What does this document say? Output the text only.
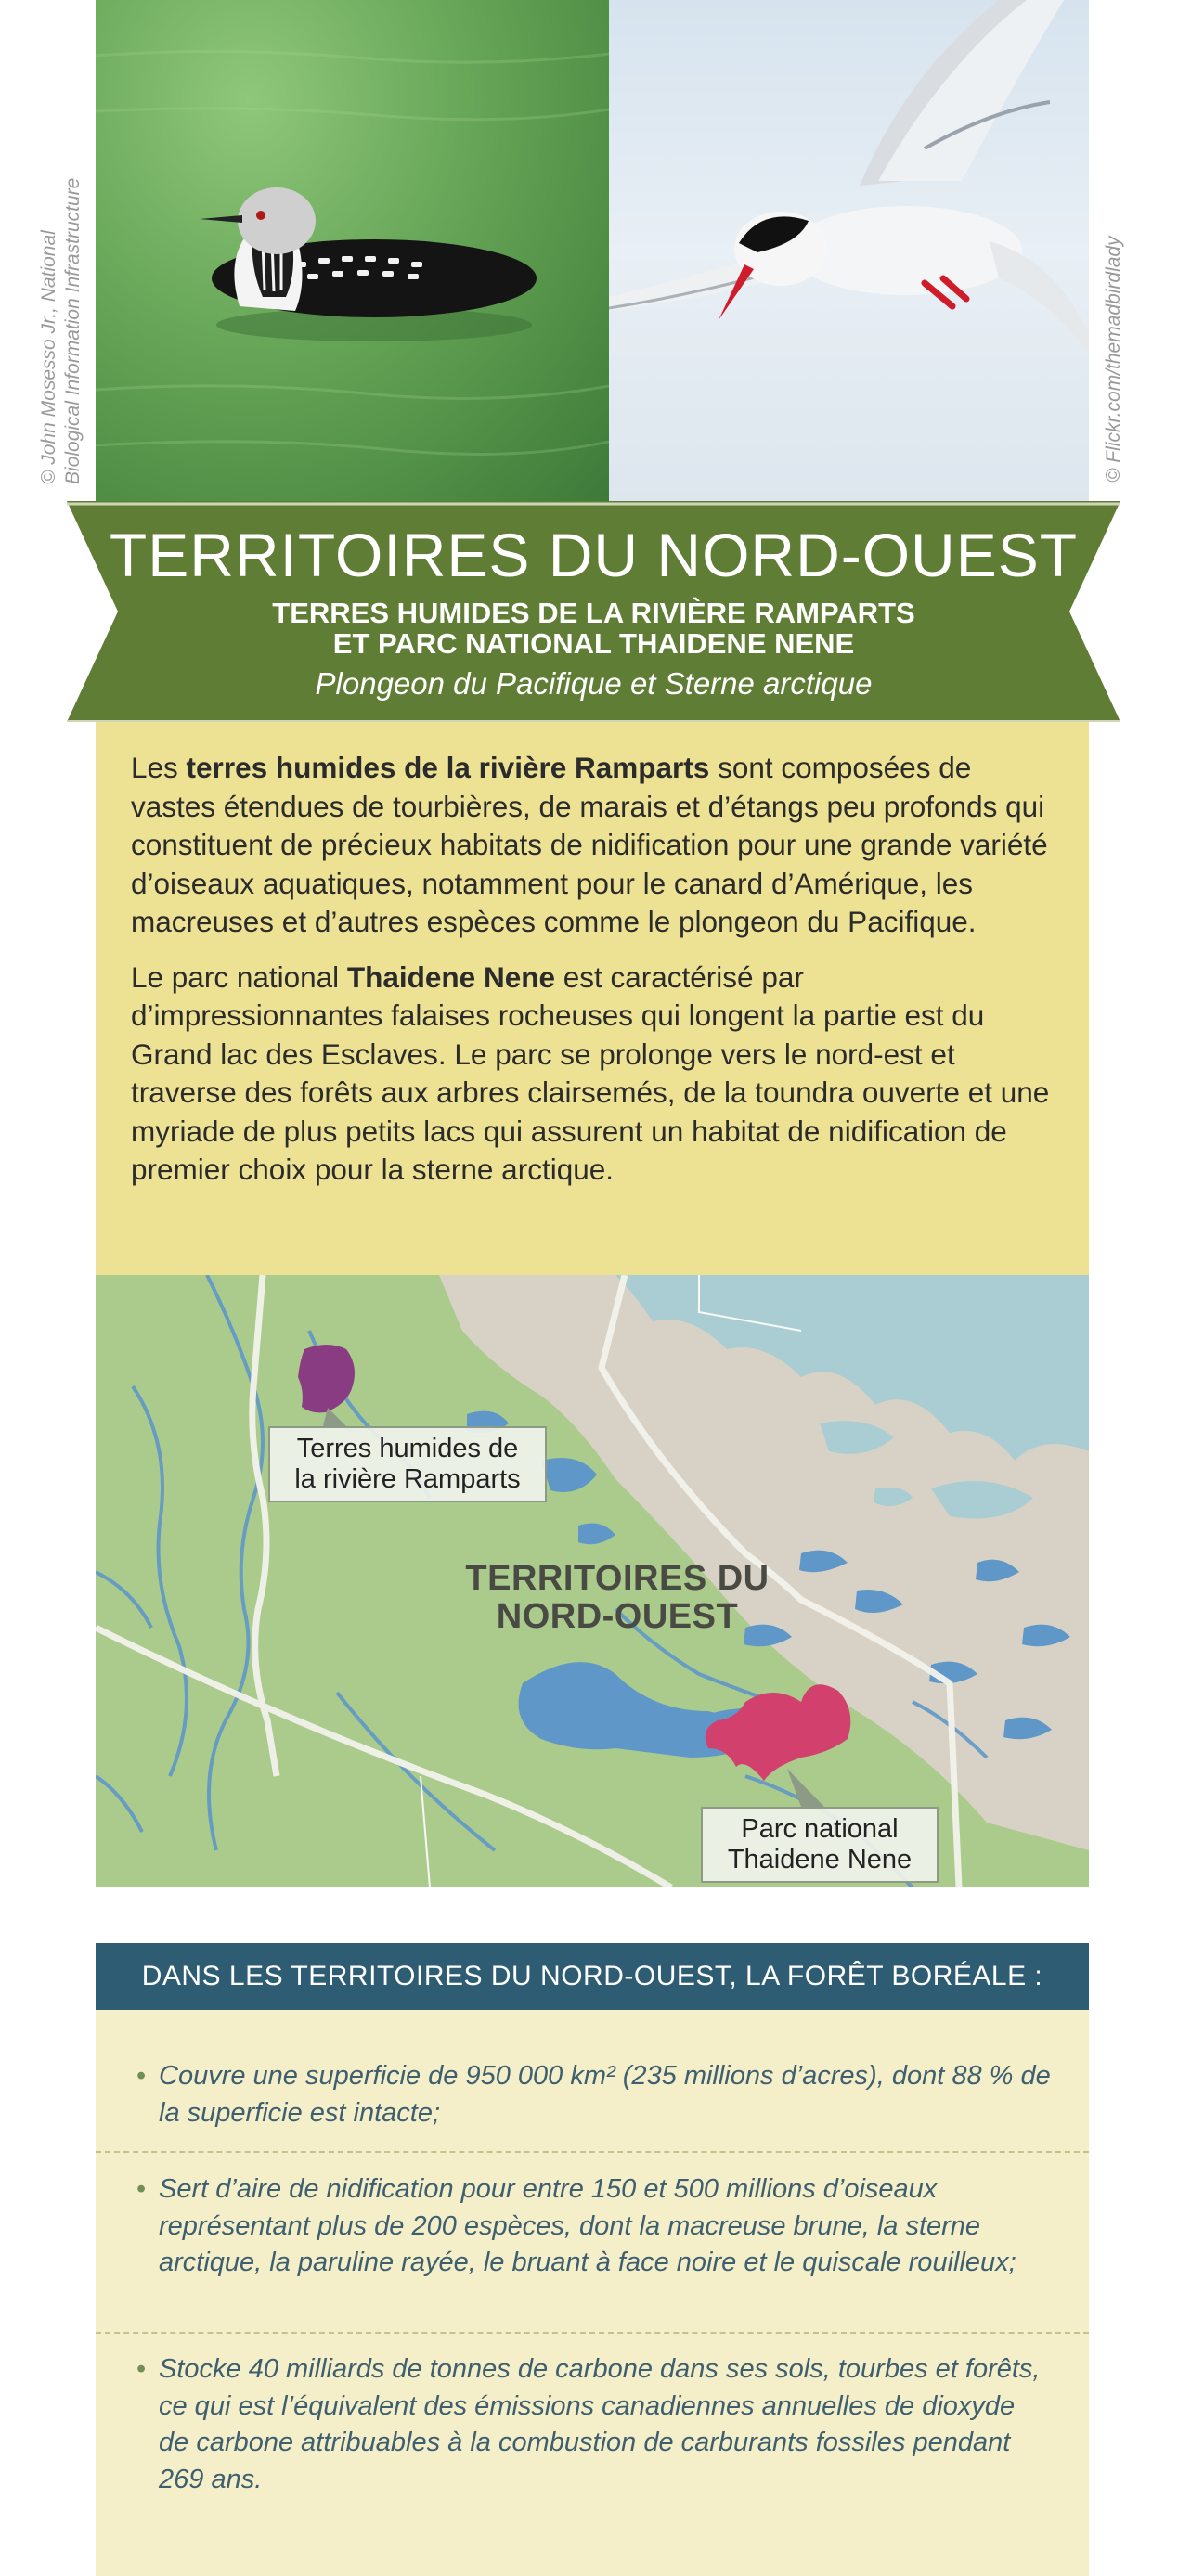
© John Mosesso Jr., National Biological Information Infrastructure	© Flickr.com/themadbirdlady
TERRITOIRES DU NORD-OUEST
TERRES HUMIDES DE LA RIVIÈRE RAMPARTS
ET PARC NATIONAL THAIDENE NENE
Plongeon du Pacifique et Sterne arctique

Les terres humides de la rivière Ramparts sont composées de vastes étendues de tourbières, de marais et d’étangs peu profonds qui constituent de précieux habitats de nidification pour une grande variété d’oiseaux aquatiques, notamment pour le canard d’Amérique, les macreuses et d’autres espèces comme le plongeon du Pacifique.

Le parc national Thaidene Nene est caractérisé par d’impressionnantes falaises rocheuses qui longent la partie est du Grand lac des Esclaves. Le parc se prolonge vers le nord-est et traverse des forêts aux arbres clairsemés, de la toundra ouverte et une myriade de plus petits lacs qui assurent un habitat de nidification de premier choix pour la sterne arctique.

Terres humides de
la rivière Ramparts
TERRITOIRES DU
NORD-OUEST
Parc national
Thaidene Nene
DANS LES TERRITOIRES DU NORD-OUEST, LA FORÊT BORÉALE :
• Couvre une superficie de 950 000 km² (235 millions d’acres), dont 88 % de la superficie est intacte;
• Sert d’aire de nidification pour entre 150 et 500 millions d’oiseaux représentant plus de 200 espèces, dont la macreuse brune, la sterne arctique, la paruline rayée, le bruant à face noire et le quiscale rouilleux;
• Stocke 40 milliards de tonnes de carbone dans ses sols, tourbes et forêts, ce qui est l’équivalent des émissions canadiennes annuelles de dioxyde de carbone attribuables à la combustion de carburants fossiles pendant 269 ans.
